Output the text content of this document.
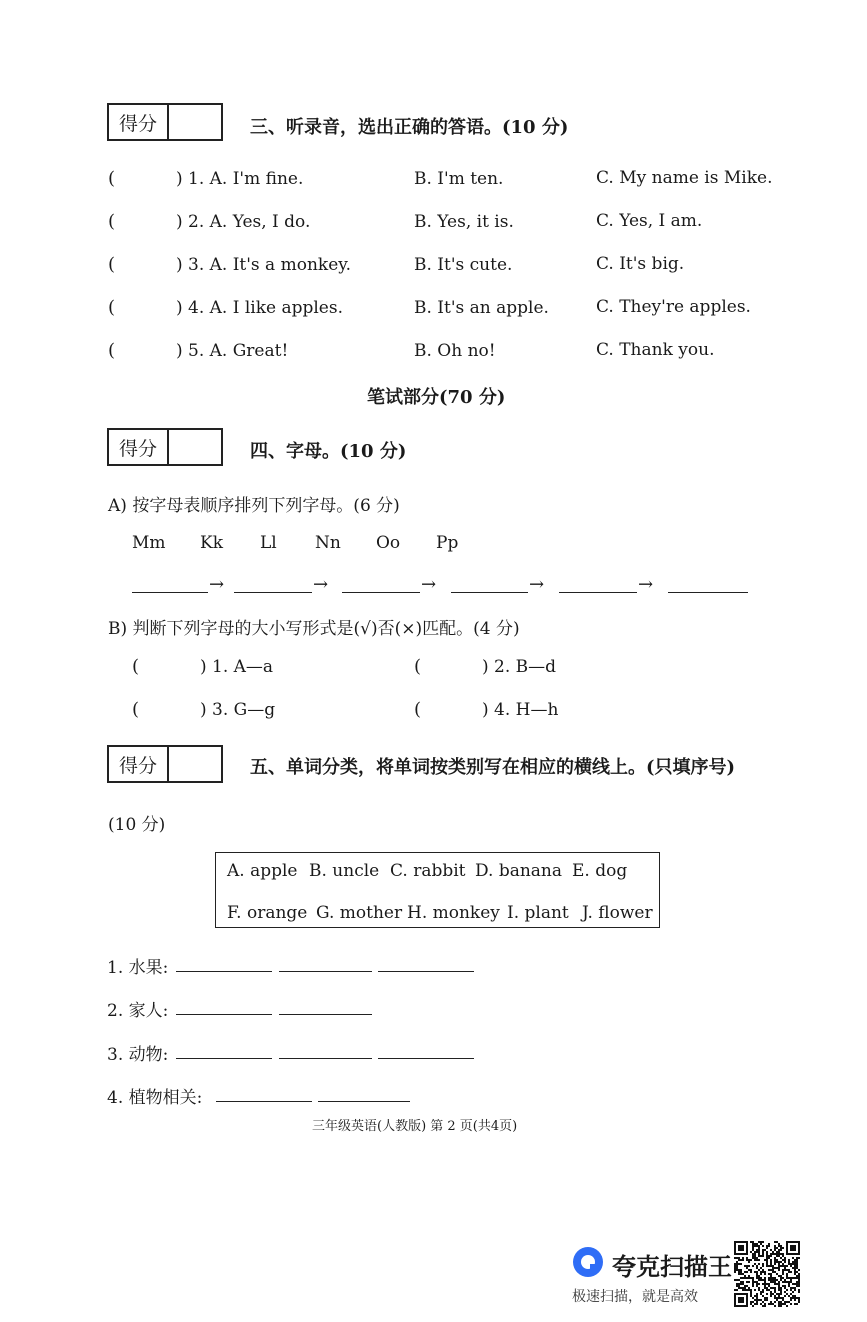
得分	三、听录音，选出正确的答语。(10 分)
(	) 1. A. I'm fine.	B. I'm ten.	C. My name is Mike.
(	) 2. A. Yes, I do.	B. Yes, it is.	C. Yes, I am.
(	) 3. A. It's a monkey.	B. It's cute.	C. It's big.
(	) 4. A. I like apples.	B. It's an apple.	C. They're apples.
(	) 5. A. Great!	B. Oh no!	C. Thank you.
笔试部分(70 分)
得分	四、字母。(10 分)
A) 按字母表顺序排列下列字母。(6 分)
Mm Kk Ll Nn Oo Pp
→	→	→	→	→
B) 判断下列字母的大小写形式是(√)否(×)匹配。(4 分)
(	) 1. A—a	(	) 2. B—d
(	) 3. G—g	(	) 4. H—h
得分	五、单词分类，将单词按类别写在相应的横线上。(只填序号)
(10 分)
A. apple B. uncle C. rabbit D. banana E. dog
F. orange G. mother H. monkey I. plant J. flower
1. 水果:
2. 家人:
3. 动物:
4. 植物相关:
三年级英语(人教版) 第 2 页(共4页)
夸克扫描王
极速扫描，就是高效
